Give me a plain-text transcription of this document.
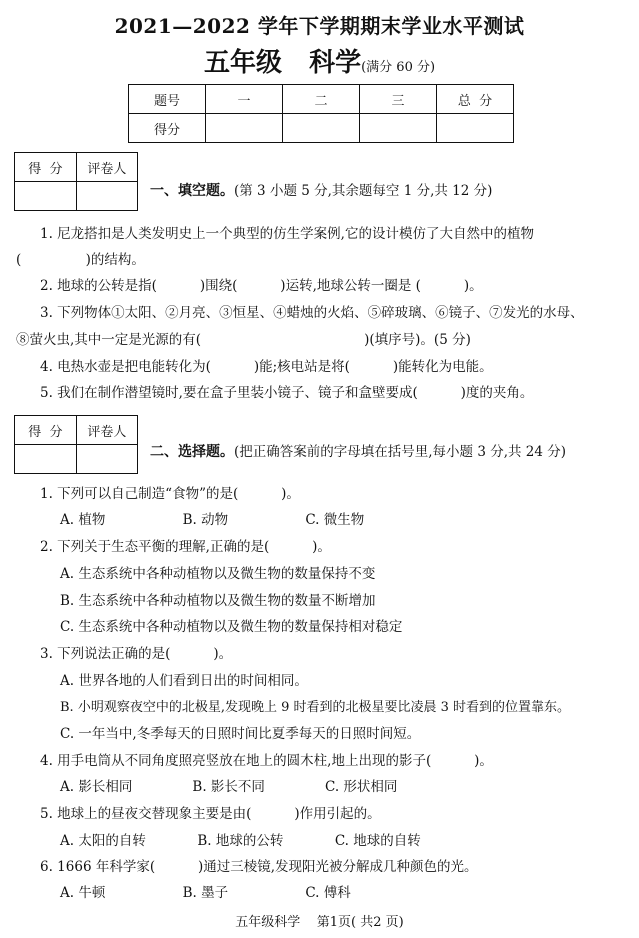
2021—2022 学年下学期期末学业水平测试
五年级   科学(满分 60 分)
题号	一	二	三	总  分
得分				
得  分	评卷人

一、填空题。(第 3 小题 5 分,其余题每空 1 分,共 12 分)
1. 尼龙搭扣是人类发明史上一个典型的仿生学案例,它的设计模仿了大自然中的植物
(               )的结构。
2. 地球的公转是指(          )围绕(          )运转,地球公转一圈是 (          )。
3. 下列物体①太阳、②月亮、③恒星、④蜡烛的火焰、⑤碎玻璃、⑥镜子、⑦发光的水母、
⑧萤火虫,其中一定是光源的有(                                      )(填序号)。(5 分)
4. 电热水壶是把电能转化为(          )能;核电站是将(          )能转化为电能。
5. 我们在制作潜望镜时,要在盒子里装小镜子、镜子和盒壁要成(          )度的夹角。
得  分	评卷人

二、选择题。(把正确答案前的字母填在括号里,每小题 3 分,共 24 分)
1. 下列可以自己制造“食物”的是(          )。
A. 植物                  B. 动物                  C. 微生物
2. 下列关于生态平衡的理解,正确的是(          )。
A. 生态系统中各种动植物以及微生物的数量保持不变
B. 生态系统中各种动植物以及微生物的数量不断增加
C. 生态系统中各种动植物以及微生物的数量保持相对稳定
3. 下列说法正确的是(          )。
A. 世界各地的人们看到日出的时间相同。
B. 小明观察夜空中的北极星,发现晚上 9 时看到的北极星要比凌晨 3 时看到的位置靠东。
C. 一年当中,冬季每天的日照时间比夏季每天的日照时间短。
4. 用手电筒从不同角度照亮竖放在地上的圆木柱,地上出现的影子(          )。
A. 影长相同              B. 影长不同              C. 形状相同
5. 地球上的昼夜交替现象主要是由(          )作用引起的。
A. 太阳的自转            B. 地球的公转            C. 地球的自转
6. 1666 年科学家(          )通过三棱镜,发现阳光被分解成几种颜色的光。
A. 牛顿                  B. 墨子                  C. 傅科
五年级科学    第1页( 共2 页)
